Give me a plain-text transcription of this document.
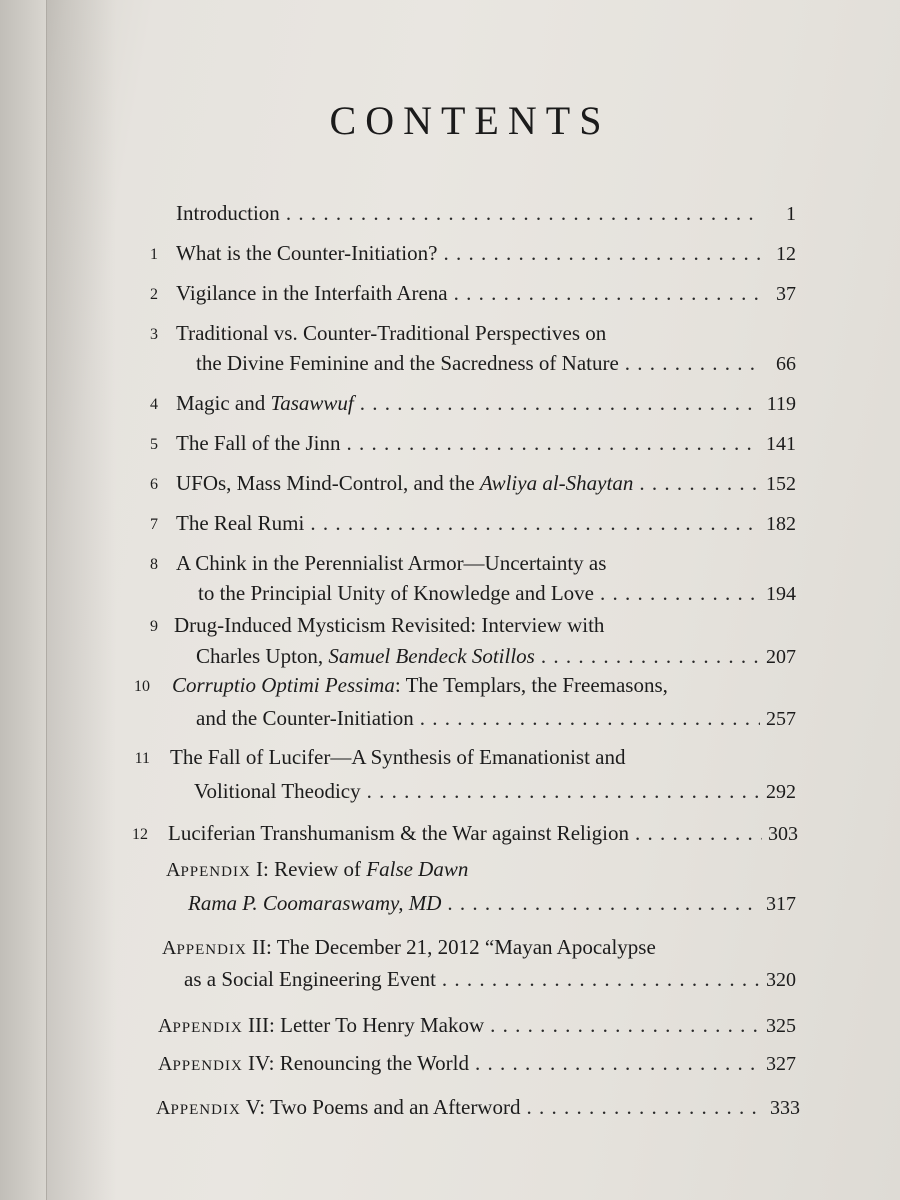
CONTENTS
Introduction . . .	1
1 What is the Counter-Initiation? . . .	12
2 Vigilance in the Interfaith Arena . . .	37
3 Traditional vs. Counter-Traditional Perspectives on
the Divine Feminine and the Sacredness of Nature . . .	66
4 Magic and Tasawwuf . . .	119
5 The Fall of the Jinn . . .	141
6 UFOs, Mass Mind-Control, and the Awliya al-Shaytan . . .	152
7 The Real Rumi . . .	182
8 A Chink in the Perennialist Armor—Uncertainty as
to the Principial Unity of Knowledge and Love . . .	194
9 Drug-Induced Mysticism Revisited: Interview with
Charles Upton, Samuel Bendeck Sotillos . . .	207
10 Corruptio Optimi Pessima: The Templars, the Freemasons,
and the Counter-Initiation . . .	257
11 The Fall of Lucifer—A Synthesis of Emanationist and
Volitional Theodicy . . .	292
12 Luciferian Transhumanism & the War against Religion . . .	303
APPENDIX I: Review of False Dawn
Rama P. Coomaraswamy, MD . . .	317
APPENDIX II: The December 21, 2012 “Mayan Apocalypse
as a Social Engineering Event . . .	320
APPENDIX III: Letter To Henry Makow . . .	325
APPENDIX IV: Renouncing the World . . .	327
APPENDIX V: Two Poems and an Afterword . . .	333
